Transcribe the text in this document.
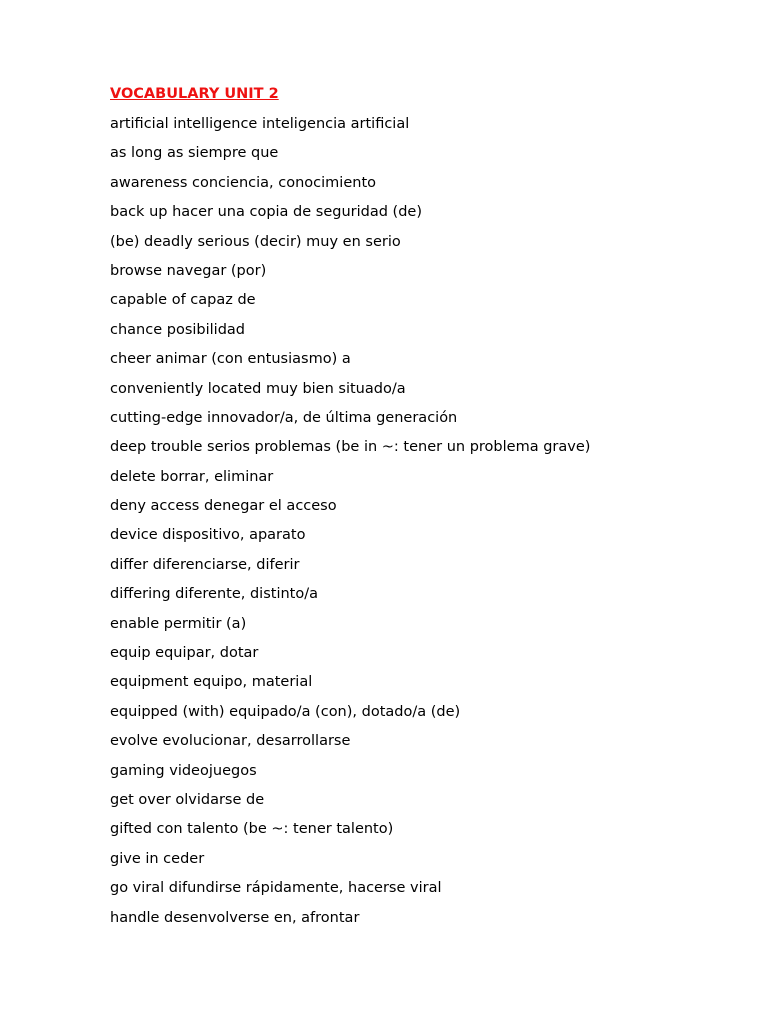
VOCABULARY UNIT 2
artificial intelligence inteligencia artificial
as long as siempre que
awareness conciencia, conocimiento
back up hacer una copia de seguridad (de)
(be) deadly serious (decir) muy en serio
browse navegar (por)
capable of capaz de
chance posibilidad
cheer animar (con entusiasmo) a
conveniently located muy bien situado/a
cutting-edge innovador/a, de última generación
deep trouble serios problemas (be in ~: tener un problema grave)
delete borrar, eliminar
deny access denegar el acceso
device dispositivo, aparato
differ diferenciarse, diferir
differing diferente, distinto/a
enable permitir (a)
equip equipar, dotar
equipment equipo, material
equipped (with) equipado/a (con), dotado/a (de)
evolve evolucionar, desarrollarse
gaming videojuegos
get over olvidarse de
gifted con talento (be ~: tener talento)
give in ceder
go viral difundirse rápidamente, hacerse viral
handle desenvolverse en, afrontar
